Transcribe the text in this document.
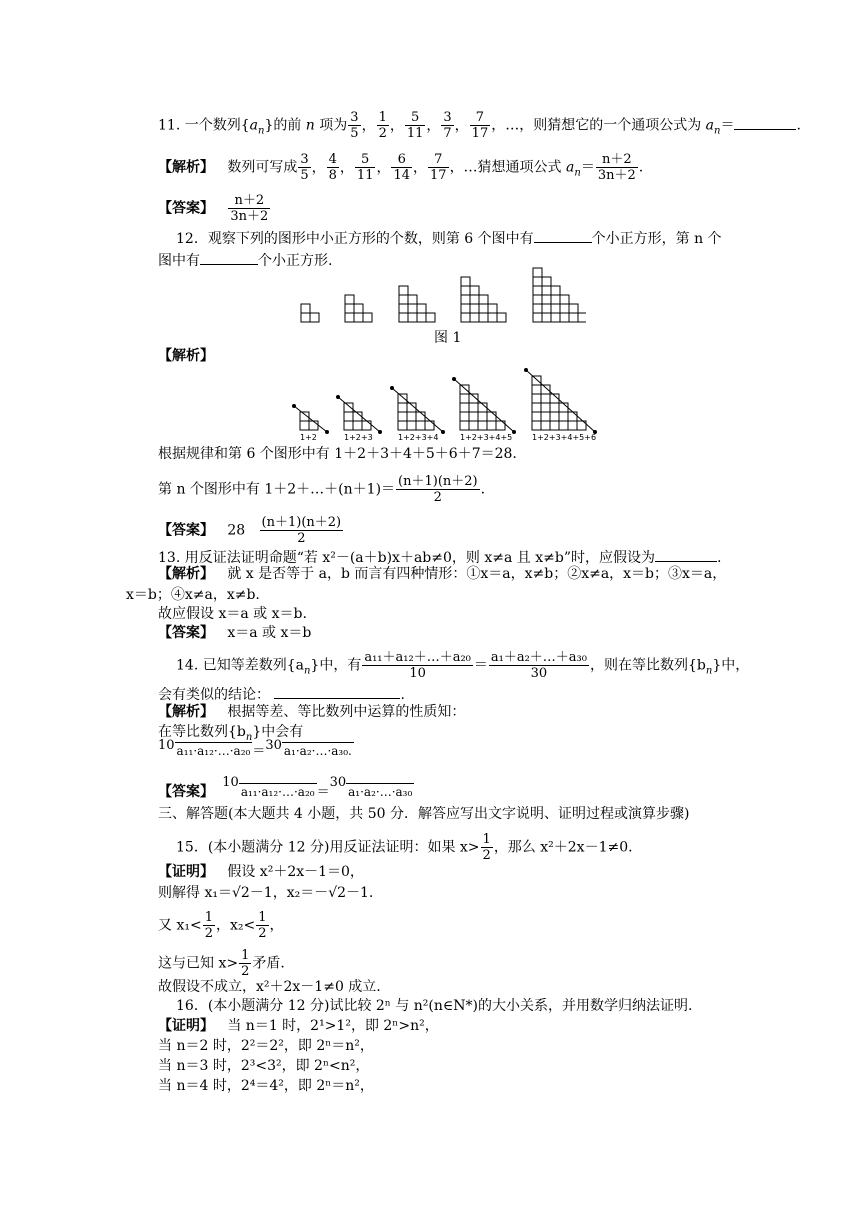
11. 一个数列$\{a_n\}$的前 n 项为 $\frac{3}{5}$ ， $\frac{1}{2}$ ， $\frac{5}{11}$ ， $\frac{3}{7}$ ， $\frac{7}{17}$ ，…，则猜想它的一个通项公式为 $a_n=$	.
【解析】 数列可写成 $\frac{3}{5}$ ， $\frac{4}{8}$ ， $\frac{5}{11}$ ， $\frac{6}{14}$ ， $\frac{7}{17}$ ，…猜想通项公式 $a_n= \frac{n+2}{3n+2}$ .
【答案】 $\frac{n+2}{3n+2}$
12．观察下列的图形中小正方形的个数，则第 6 个图中有	个小正方形，第 n 个
图中有	个小正方形.
图 1
【解析】
1+2	1+2+3	1+2+3+4	1+2+3+4+5 1+2+3+4+5+6
根据规律和第 6 个图形中有 1＋2＋3＋4＋5＋6＋7＝28.
第 n 个图形中有 1＋2＋…＋(n＋1)＝ $\frac{(n+1)(n+2)}{2}$ .
【答案】 $28 \frac{(n+1)(n+2)}{2}$
13. 用反证法证明命题“若 x²－(a＋b)x＋ab≠0，则 x≠a 且 x≠b”时，应假设为	.
【解析】 就 x 是否等于 a，b 而言有四种情形：①x＝a，x≠b；②x≠a，x＝b；③x＝a，
x＝b；④x≠a，x≠b.
故应假设 x＝a 或 x＝b.
【答案】 x＝a 或 x＝b
14. 已知等差数列$\{a_n\}$中，有 $\frac{\text{a₁₁＋a₁₂＋…＋a₂₀}}{10} = \frac{\text{a₁＋a₂＋…＋a₃₀}}{30}$ ，则在等比数列$\{b_n\}$中，
会有类似的结论：	.
【解析】 根据等差、等比数列中运算的性质知：
在等比数列$\{b_n\}$中会有
10 a₁₁·a₁₂·…·a₂₀ ＝30 a₁·a₂·…·a₃₀.
【答案】  10a₁₁·a₁₂·…·a₂₀ ＝30a₁·a₂·…·a₃₀
三、解答题(本大题共 4 小题，共 50 分．解答应写出文字说明、证明过程或演算步骤)
15．(本小题满分 12 分)用反证法证明：如果 $x> \frac{1}{2}$ ，那么 x²＋2x－1≠0.
【证明】 假设 x²＋2x－1＝0，
则解得 x₁＝√2－1，x₂＝－√2－1.
又 $x_1< \frac{1}{2}$ ，$x_2< \frac{1}{2}$ ，
这与已知 $x> \frac{1}{2}$ 矛盾.
故假设不成立，x²＋2x－1≠0 成立.
16．(本小题满分 12 分)试比较 2ⁿ 与 n²(n∈N*)的大小关系，并用数学归纳法证明.
【证明】 当 n＝1 时，2¹>1²，即 2ⁿ>n²，
当 n＝2 时，2²＝2²，即 2ⁿ＝n²，
当 n＝3 时，2³<3²，即 2ⁿ<n²，
当 n＝4 时，2⁴＝4²，即 2ⁿ＝n²，
